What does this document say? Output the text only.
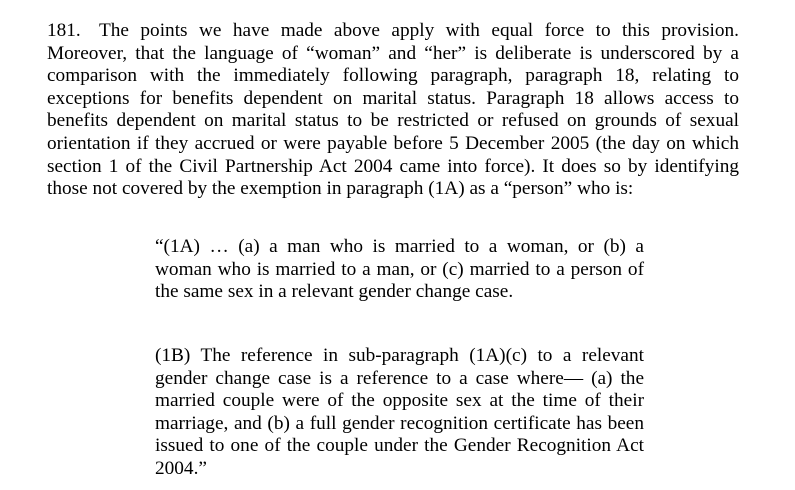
181. The points we have made above apply with equal force to this provision. Moreover, that the language of “woman” and “her” is deliberate is underscored by a comparison with the immediately following paragraph, paragraph 18, relating to exceptions for benefits dependent on marital status. Paragraph 18 allows access to benefits dependent on marital status to be restricted or refused on grounds of sexual orientation if they accrued or were payable before 5 December 2005 (the day on which section 1 of the Civil Partnership Act 2004 came into force). It does so by identifying those not covered by the exemption in paragraph (1A) as a “person” who is:

“(1A) … (a) a man who is married to a woman, or (b) a woman who is married to a man, or (c) married to a person of the same sex in a relevant gender change case.

(1B) The reference in sub-paragraph (1A)(c) to a relevant gender change case is a reference to a case where— (a) the married couple were of the opposite sex at the time of their marriage, and (b) a full gender recognition certificate has been issued to one of the couple under the Gender Recognition Act 2004.”
